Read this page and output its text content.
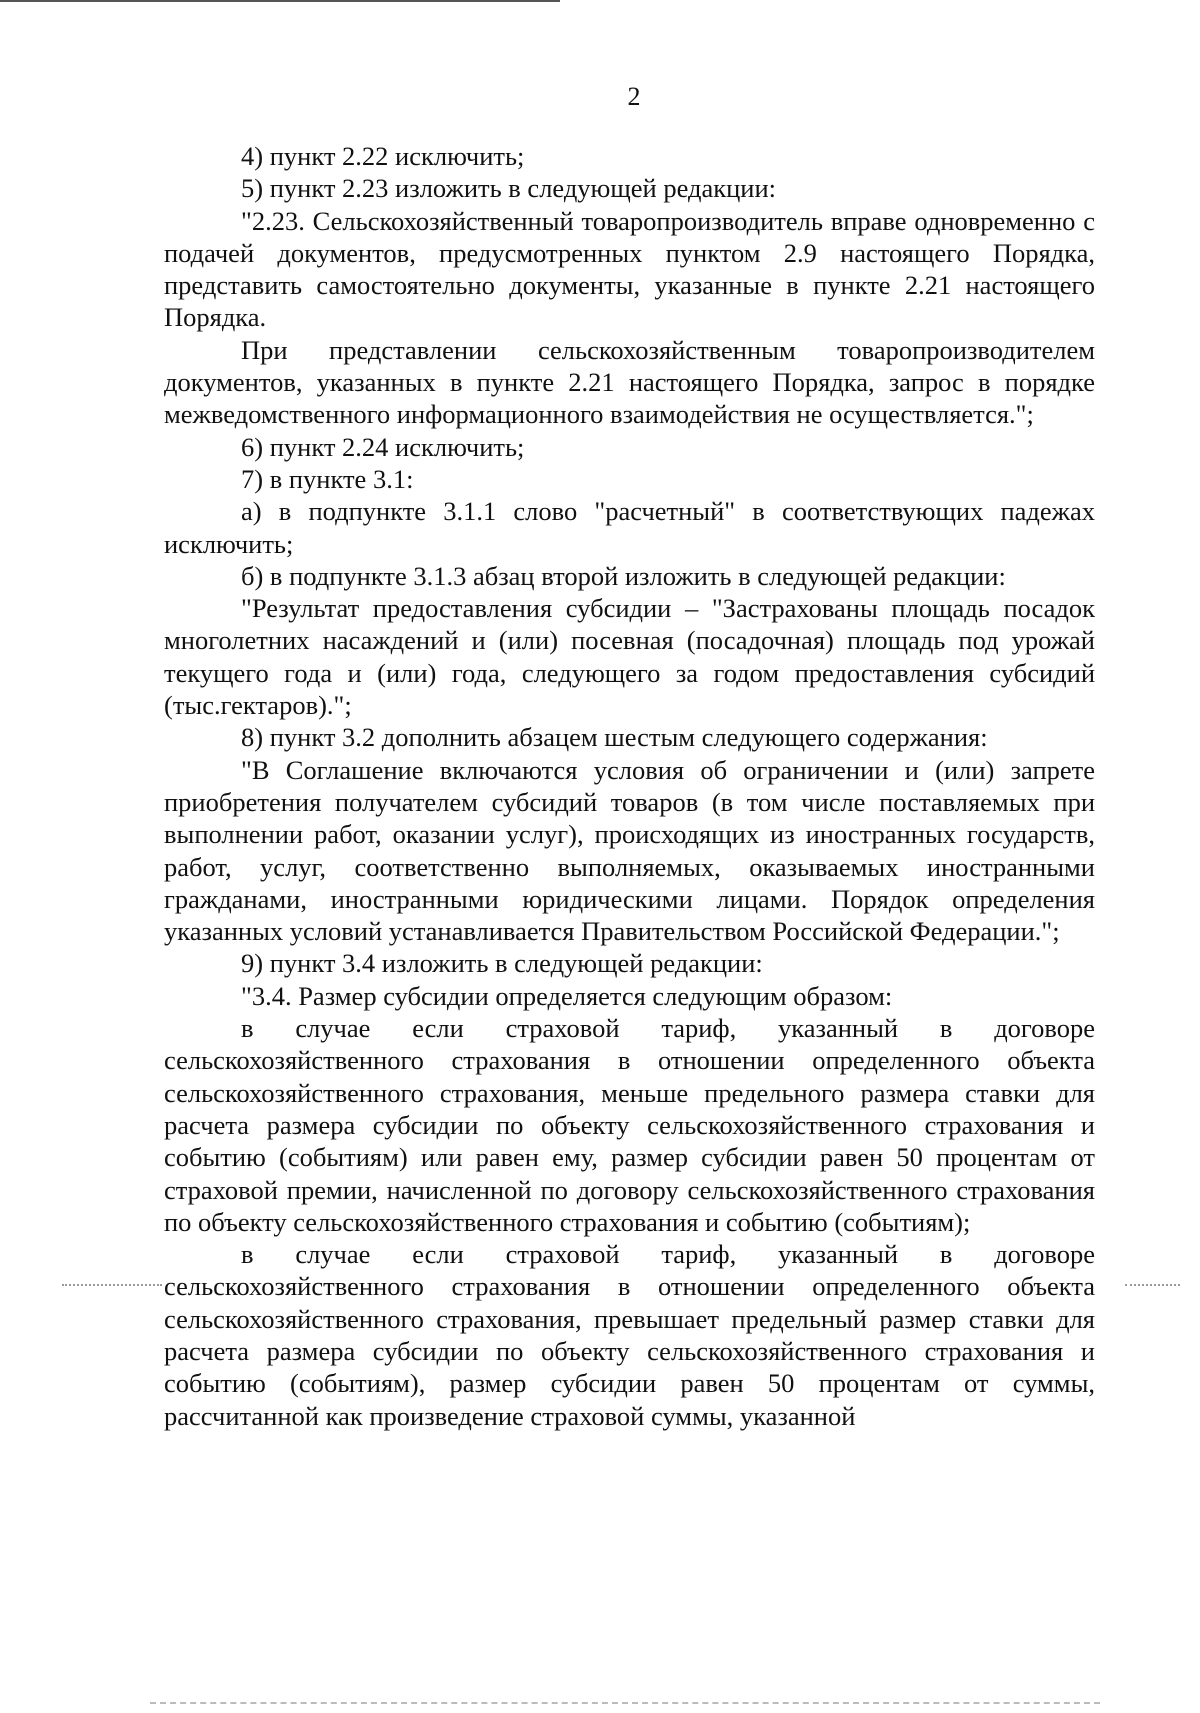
2

4) пункт 2.22 исключить;

5) пункт 2.23 изложить в следующей редакции:

"2.23. Сельскохозяйственный товаропроизводитель вправе одновременно с подачей документов, предусмотренных пунктом 2.9 настоящего Порядка, представить самостоятельно документы, указанные в пункте 2.21 настоящего Порядка.

При представлении сельскохозяйственным товаропроизводителем документов, указанных в пункте 2.21 настоящего Порядка, запрос в порядке межведомственного информационного взаимодействия не осуществляется.";

6) пункт 2.24 исключить;

7) в пункте 3.1:

а) в подпункте 3.1.1 слово "расчетный" в соответствующих падежах исключить;

б) в подпункте 3.1.3 абзац второй изложить в следующей редакции:

"Результат предоставления субсидии – "Застрахованы площадь посадок многолетних насаждений и (или) посевная (посадочная) площадь под урожай текущего года и (или) года, следующего за годом предоставления субсидий (тыс.гектаров).";

8) пункт 3.2 дополнить абзацем шестым следующего содержания:

"В Соглашение включаются условия об ограничении и (или) запрете приобретения получателем субсидий товаров (в том числе поставляемых при выполнении работ, оказании услуг), происходящих из иностранных государств, работ, услуг, соответственно выполняемых, оказываемых иностранными гражданами, иностранными юридическими лицами. Порядок определения указанных условий устанавливается Правительством Российской Федерации.";

9) пункт 3.4 изложить в следующей редакции:

"3.4. Размер субсидии определяется следующим образом:

в случае если страховой тариф, указанный в договоре сельскохозяйственного страхования в отношении определенного объекта сельскохозяйственного страхования, меньше предельного размера ставки для расчета размера субсидии по объекту сельскохозяйственного страхования и событию (событиям) или равен ему, размер субсидии равен 50 процентам от страховой премии, начисленной по договору сельскохозяйственного страхования по объекту сельскохозяйственного страхования и событию (событиям);

в случае если страховой тариф, указанный в договоре сельскохозяйственного страхования в отношении определенного объекта сельскохозяйственного страхования, превышает предельный размер ставки для расчета размера субсидии по объекту сельскохозяйственного страхования и событию (событиям), размер субсидии равен 50 процентам от суммы, рассчитанной как произведение страховой суммы, указанной
